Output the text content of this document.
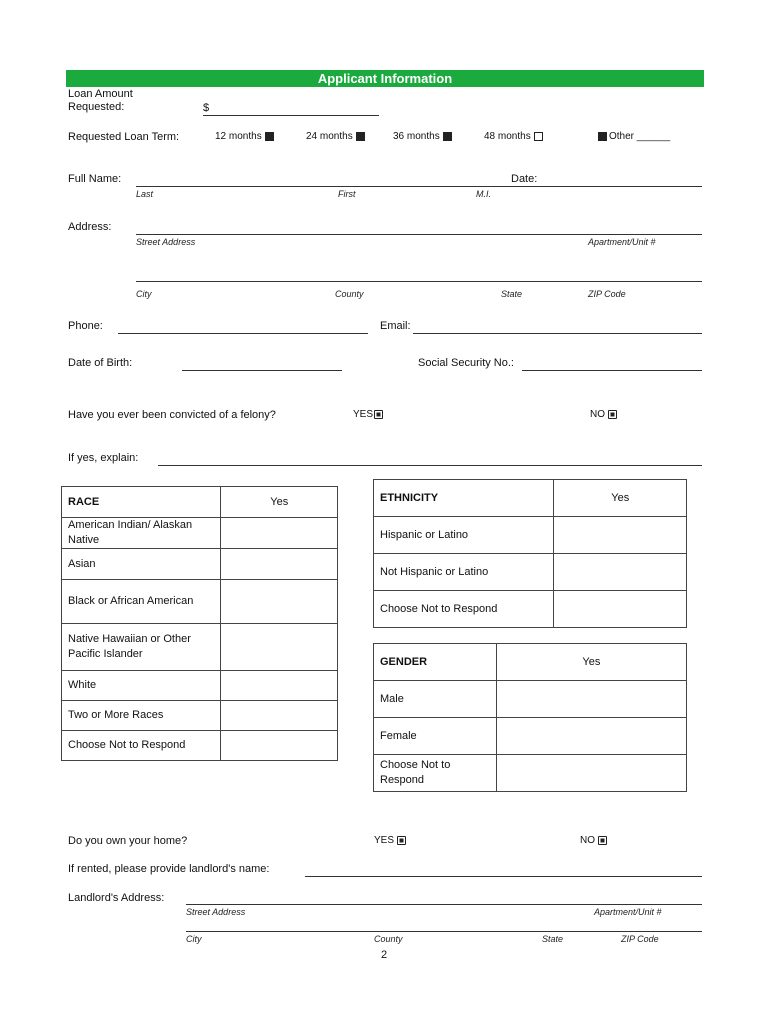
Applicant Information
Loan Amount
Requested:	$
Requested Loan Term:	12 months	24 months	36 months	48 months	Other ______
Full Name:	Date:
Last	First	M.I.
Address:
Street Address	Apartment/Unit #
City	County	State	ZIP Code
Phone:	Email:
Date of Birth:	Social Security No.:
Have you ever been convicted of a felony?	YES	NO
If yes, explain:
RACE	Yes
American Indian/ Alaskan Native	
Asian	
Black or African American	
Native Hawaiian or Other Pacific Islander	
White	
Two or More Races	
Choose Not to Respond	
ETHNICITY	Yes
Hispanic or Latino	
Not Hispanic or Latino	
Choose Not to Respond	
GENDER	Yes
Male	
Female	
Choose Not to Respond	
Do you own your home?	YES	NO
If rented, please provide landlord's name:
Landlord's Address:
Street Address	Apartment/Unit #
City	County	State	ZIP Code
2
